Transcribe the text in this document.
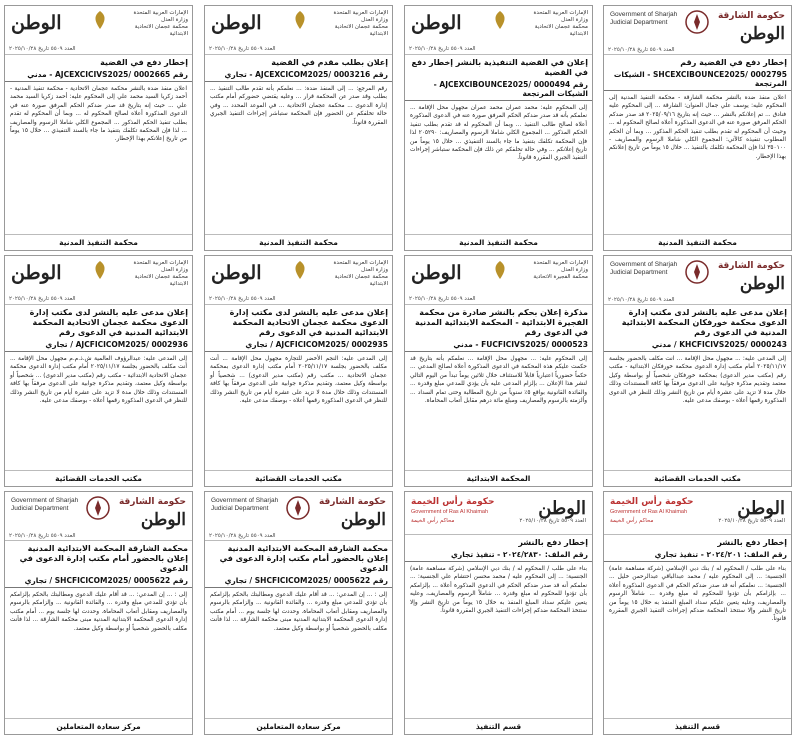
Government of Sharjah
Judicial Department
حكومة الشارقة
الوطن
العدد ٥٥٠٩ تاريخ ٢٠٢٥/١٠/٢٨
إخطار دفع في القضية رقم
SHCEXCIBOUNCE2025/ 0002795 - الشيكات المرتجعة
اعلان منفذ ضده بالنشر محكمة الشارقة - محكمة التنفيذ المدنية إلى المحكوم عليه: يوسف علي جمال العنوان: الشارقة ... إلى المحكوم عليه فنادق ... تم إعلانكم بالنشر ... حيث إنه بتاريخ ٢٠٢٥/٠٩/١٦ قد صدر ضدكم الحكم المرفق صورة عنه في الدعوى المذكورة أعلاه لصالح المحكوم له ... وحيث أن المحكوم له تقدم بطلب تنفيذ الحكم المذكور ... وبما أن الحكم المطلوب تنفيذه كالآتي: المجموع الكلي شاملا الرسوم والمصاريف - ٣٥٠١٠٠ لذا فإن المحكمة تكلفك بالتنفيذ ... خلال ١٥ يوماً من تاريخ إعلانكم بهذا الإخطار.
محكمة التنفيذ المدنية
الوطن	الإمارات العربية المتحدة
وزارة العدل
محكمة عجمان الاتحادية الابتدائية
العدد ٥٥٠٩ تاريخ ٢٠٢٥/١٠/٢٨
إعلان في القضية التنفيذية بالنشر إخطار دفع في القضية
رقم AJCEXCIBOUNCE2025/ 0000494 - الشيكات المرتجعة
إلى المحكوم عليه: محمد عمران محمد عمران مجهول محل الإقامة ... نعلمكم بأنه قد صدر ضدكم الحكم المرفق صورة عنه في الدعوى المذكورة أعلاه لصالح طالب التنفيذ ... وبما أن المحكوم له قد تقدم بطلب تنفيذ الحكم المذكور ... المجموع الكلي شاملا الرسوم والمصاريف: ٢٠٥٢٩٠ لذا فإن المحكمة تكلفك بتنفيذ ما جاء بالسند التنفيذي ... خلال ١٥ يوماً من تاريخ إعلانكم ... وفي حالة تخلفكم عن ذلك فإن المحكمة ستباشر إجراءات التنفيذ الجبري المقررة قانوناً.
محكمة التنفيذ المدنية
الوطن	الإمارات العربية المتحدة
وزارة العدل
محكمة عجمان الاتحادية الابتدائية
العدد ٥٥٠٩ تاريخ ٢٠٢٥/١٠/٢٨
إعلان بطلب مقدم في القضية
رقم AJCEXCICOM2025/ 0003216 - تجاري
رقم المرجع: ... إلى المنفذ ضده: ... نعلمكم بأنه تقدم طالب التنفيذ ... بطلب وقد صدر عن المحكمة قرار ... وعليه يقتضي حضوركم أمام مكتب إدارة الدعوى ... محكمة عجمان الاتحادية ... في الموعد المحدد ... وفي حالة تخلفكم عن الحضور فإن المحكمة ستباشر إجراءات التنفيذ الجبري المقررة قانوناً.
محكمة التنفيذ المدنية
الوطن	الإمارات العربية المتحدة
وزارة العدل
محكمة عجمان الاتحادية الابتدائية
العدد ٥٥٠٩ تاريخ ٢٠٢٥/١٠/٢٨
إخطار دفع في القضية
رقم AJCEXCICIVS2025/ 0002665 - مدني
اعلان منفذ ضده بالنشر محكمة عجمان الاتحادية - محكمة تنفيذ المدنية - أحمد زكريا السيد محمد علي إلى المحكوم عليه: أحمد زكريا السيد محمد علي ... حيث إنه بتاريخ قد صدر ضدكم الحكم المرفق صورة عنه في الدعوى المذكورة أعلاه لصالح المحكوم له ... وبما أن المحكوم له تقدم بطلب تنفيذ الحكم المذكور ... المجموع الكلي شاملا الرسوم والمصاريف ... لذا فإن المحكمة تكلفك بتنفيذ ما جاء بالسند التنفيذي ... خلال ١٥ يوماً من تاريخ إعلانكم بهذا الإخطار.
محكمة التنفيذ المدنية
Government of Sharjah
Judicial Department
حكومة الشارقة
الوطن
العدد ٥٥٠٩ تاريخ ٢٠٢٥/١٠/٢٨
إعلان مدعى عليه بالنشر لدى مكتب إدارة الدعوى محكمة خورفكان المحكمة الابتدائية المدنية في الدعوى رقم
KHCFICIVS2025/ 0000243 / مدني
إلى المدعى عليه: ... مجهول محل الإقامة ... انت مكلف بالحضور بجلسة ٢٠٢٥/١١/١٧ أمام مكتب إدارة الدعوى محكمة خورفكان الابتدائية - مكتب رقم (مكتب مدير الدعوى) بمحكمة خورفكان شخصياً أو بواسطة وكيل معتمد وتقديم مذكرة جوابية على الدعوى مرفقاً بها كافة المستندات وذلك خلال مدة لا تزيد على عشرة أيام من تاريخ النشر وذلك للنظر في الدعوى المذكورة رقمها أعلاه - بوصفك مدعى عليه.
مكتب الخدمات القضائية
الوطن	الإمارات العربية المتحدة
وزارة العدل
محكمة الفجيرة الاتحادية
العدد ٥٥٠٩ تاريخ ٢٠٢٥/١٠/٢٨
مذكرة إعلان بحكم بالنشر صادرة من محكمة الفجيرة الابتدائية - المحكمة الابتدائية المدنية في الدعوى رقم
FUCFICIVS2025/ 0000523 - مدني
إلى المحكوم عليه: ... مجهول محل الإقامة ... نعلمكم بأنه بتاريخ قد حكمت عليكم هذه المحكمة في الدعوى المذكورة أعلاه لصالح المدعي ... حكماً حضورياً اعتبارياً قابلاً للاستئناف خلال ثلاثين يوماً تبدأ من اليوم التالي لنشر هذا الإعلان ... بإلزام المدعى عليه بأن يؤدي للمدعي مبلغ وقدره ... والفائدة القانونية بواقع ٥٪ سنوياً من تاريخ المطالبة وحتى تمام السداد ... وألزمته بالرسوم والمصاريف ومبلغ مائة درهم مقابل أتعاب المحاماة.
المحكمة الابتدائية
الوطن	الإمارات العربية المتحدة
وزارة العدل
محكمة عجمان الاتحادية الابتدائية
العدد ٥٥٠٩ تاريخ ٢٠٢٥/١٠/٢٨
إعلان مدعى عليه بالنشر لدى مكتب إدارة الدعوى محكمة عجمان الاتحادية المحكمة الابتدائية المدنية في الدعوى رقم
AJCFICICOM2025/ 0002935 / تجاري
إلى المدعى عليه: النجم الأخضر للتجارة مجهول محل الإقامة ... أنت مكلف بالحضور بجلسة ٢٠٢٥/١١/١٧ أمام مكتب إدارة الدعوى بمحكمة عجمان الاتحادية ... مكتب رقم (مكتب مدير الدعوى) ... شخصياً أو بواسطة وكيل معتمد، وتقديم مذكرة جوابية على الدعوى مرفقاً بها كافة المستندات وذلك خلال مدة لا تزيد على عشرة أيام من تاريخ النشر وذلك للنظر في الدعوى المذكورة رقمها أعلاه - بوصفك مدعى عليه.
مكتب الخدمات القضائية
الوطن	الإمارات العربية المتحدة
وزارة العدل
محكمة عجمان الاتحادية الابتدائية
العدد ٥٥٠٩ تاريخ ٢٠٢٥/١٠/٢٨
إعلان مدعى عليه بالنشر لدى مكتب إدارة الدعوى محكمة عجمان الاتحادية المحكمة الابتدائية المدنية في الدعوى رقم
AJCFICICOM2025/ 0002936 / تجاري
إلى المدعى عليه: عبدالرؤوف العالمية ش.ذ.م.م مجهول محل الإقامة ... أنت مكلف بالحضور بجلسة ٢٠٢٥/١١/١٧ أمام مكتب إدارة الدعوى محكمة عجمان الاتحادية الابتدائية - مكتب رقم (مكتب مدير الدعوى) ... شخصياً أو بواسطة وكيل معتمد، وتقديم مذكرة جوابية على الدعوى مرفقاً بها كافة المستندات وذلك خلال مدة لا تزيد على عشرة أيام من تاريخ النشر وذلك للنظر في الدعوى المذكورة رقمها أعلاه - بوصفك مدعى عليه.
مكتب الخدمات القضائية
حكومة رأس الخيمة
Government of Ras Al Khaimah
محاكم رأس الخيمة
الوطن
العدد ٥٥٠٩ تاريخ ٢٠٢٥/١٠/٢٨
إخطار دفع بالنشر
رقم الملف: ٢٠٢٤/٢٠١ - تنفيذ تجاري
بناء على طلب / المحكوم له / بنك دبي الإسلامي (شركة مساهمة عامة) الجنسية: ... إلى المحكوم عليه / محمد عبدالباقي عبدالرحمن خليل ... الجنسية: ... نعلمكم أنه قد صدر ضدكم الحكم في الدعوى المذكورة أعلاه ... بإلزامكم بأن تؤدوا للمحكوم له مبلغ وقدره ... شاملاً الرسوم والمصاريف، وعليه يتعين عليكم سداد المبلغ المنفذ به خلال ١٥ يوماً من تاريخ النشر وإلا ستتخذ المحكمة ضدكم إجراءات التنفيذ الجبري المقررة قانوناً.
قسم التنفيذ
حكومة رأس الخيمة
Government of Ras Al Khaimah
محاكم رأس الخيمة
الوطن
العدد ٥٥٠٩ تاريخ ٢٠٢٥/١٠/٢٨
إخطار دفع بالنشر
رقم الملف: ٢٠٢٤/٢٨٣٠ - تنفيذ تجاري
بناء على طلب / المحكوم له / بنك دبي الإسلامي (شركة مساهمة عامة) الجنسية: ... إلى المحكوم عليه / محمد محسن احتشام علي الجنسية: ... نعلمكم أنه قد صدر ضدكم الحكم في الدعوى المذكورة أعلاه ... بإلزامكم بأن تؤدوا للمحكوم له مبلغ وقدره ... شاملاً الرسوم والمصاريف، وعليه يتعين عليكم سداد المبلغ المنفذ به خلال ١٥ يوماً من تاريخ النشر وإلا ستتخذ المحكمة ضدكم إجراءات التنفيذ الجبري المقررة قانوناً.
قسم التنفيذ
Government of Sharjah
Judicial Department
حكومة الشارقة
الوطن
العدد ٥٥٠٩ تاريخ ٢٠٢٥/١٠/٢٨
محكمة الشارقة المحكمة الابتدائية المدنية إعلان بالحضور أمام مكتب إدارة الدعوى في الدعوى
رقم SHCFICICOM2025/ 0005622 / تجاري
إلى : ... إن المدعي: ... قد أقام عليك الدعوى ومطالبتك بالحكم بإلزامكم بأن تؤدي للمدعي مبلغ وقدره ... والفائدة القانونية ... وإلزامكم بالرسوم والمصاريف ومقابل أتعاب المحاماة. وحددت لها جلسة يوم ... أمام مكتب إدارة الدعوى المحكمة الابتدائية المدنية مبنى محكمة الشارقة ... لذا فأنت مكلف بالحضور شخصياً أو بواسطة وكيل معتمد.
مركز سعادة المتعاملين
Government of Sharjah
Judicial Department
حكومة الشارقة
الوطن
العدد ٥٥٠٩ تاريخ ٢٠٢٥/١٠/٢٨
محكمة الشارقة المحكمة الابتدائية المدنية إعلان بالحضور أمام مكتب إدارة الدعوى في الدعوى
رقم SHCFICICOM2025/ 0005622 / تجاري
إلى : ... إن المدعي: ... قد أقام عليك الدعوى ومطالبتك بالحكم بإلزامكم بأن تؤدي للمدعي مبلغ وقدره ... والفائدة القانونية ... وإلزامكم بالرسوم والمصاريف ومقابل أتعاب المحاماة. وحددت لها جلسة يوم ... أمام مكتب إدارة الدعوى المحكمة الابتدائية المدنية مبنى محكمة الشارقة ... لذا فأنت مكلف بالحضور شخصياً أو بواسطة وكيل معتمد.
مركز سعادة المتعاملين
